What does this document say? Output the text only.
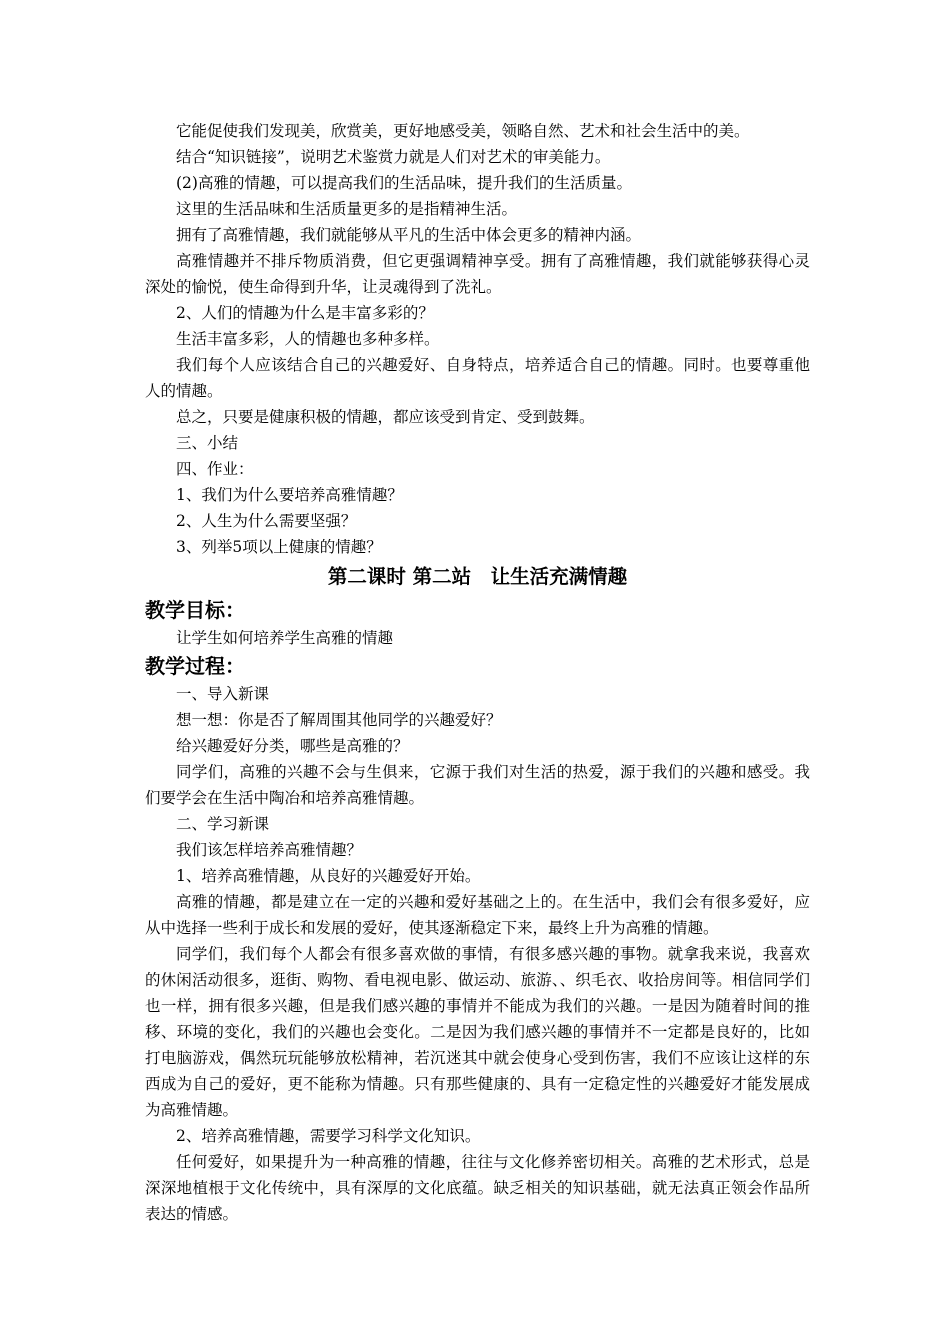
它能促使我们发现美，欣赏美，更好地感受美，领略自然、艺术和社会生活中的美。

结合“知识链接”，说明艺术鉴赏力就是人们对艺术的审美能力。

(2)高雅的情趣，可以提高我们的生活品味，提升我们的生活质量。

这里的生活品味和生活质量更多的是指精神生活。

拥有了高雅情趣，我们就能够从平凡的生活中体会更多的精神内涵。

高雅情趣并不排斥物质消费，但它更强调精神享受。拥有了高雅情趣，我们就能够获得心灵深处的愉悦，使生命得到升华，让灵魂得到了洗礼。

2、人们的情趣为什么是丰富多彩的？

生活丰富多彩，人的情趣也多种多样。

我们每个人应该结合自己的兴趣爱好、自身特点，培养适合自己的情趣。同时。也要尊重他人的情趣。

总之，只要是健康积极的情趣，都应该受到肯定、受到鼓舞。

三、小结

四、作业：

1、我们为什么要培养高雅情趣？

2、人生为什么需要坚强？

3、列举5项以上健康的情趣？

第二课时 第二站　让生活充满情趣
教学目标：

让学生如何培养学生高雅的情趣

教学过程：

一、导入新课

想一想：你是否了解周围其他同学的兴趣爱好？

给兴趣爱好分类，哪些是高雅的？

同学们，高雅的兴趣不会与生俱来，它源于我们对生活的热爱，源于我们的兴趣和感受。我们要学会在生活中陶冶和培养高雅情趣。

二、学习新课

我们该怎样培养高雅情趣？

1、培养高雅情趣，从良好的兴趣爱好开始。

高雅的情趣，都是建立在一定的兴趣和爱好基础之上的。在生活中，我们会有很多爱好，应从中选择一些利于成长和发展的爱好，使其逐渐稳定下来，最终上升为高雅的情趣。

同学们，我们每个人都会有很多喜欢做的事情，有很多感兴趣的事物。就拿我来说，我喜欢的休闲活动很多，逛街、购物、看电视电影、做运动、旅游、、织毛衣、收拾房间等。相信同学们也一样，拥有很多兴趣，但是我们感兴趣的事情并不能成为我们的兴趣。一是因为随着时间的推移、环境的变化，我们的兴趣也会变化。二是因为我们感兴趣的事情并不一定都是良好的，比如打电脑游戏，偶然玩玩能够放松精神，若沉迷其中就会使身心受到伤害，我们不应该让这样的东西成为自己的爱好，更不能称为情趣。只有那些健康的、具有一定稳定性的兴趣爱好才能发展成为高雅情趣。

2、培养高雅情趣，需要学习科学文化知识。

任何爱好，如果提升为一种高雅的情趣，往往与文化修养密切相关。高雅的艺术形式，总是深深地植根于文化传统中，具有深厚的文化底蕴。缺乏相关的知识基础，就无法真正领会作品所表达的情感。
